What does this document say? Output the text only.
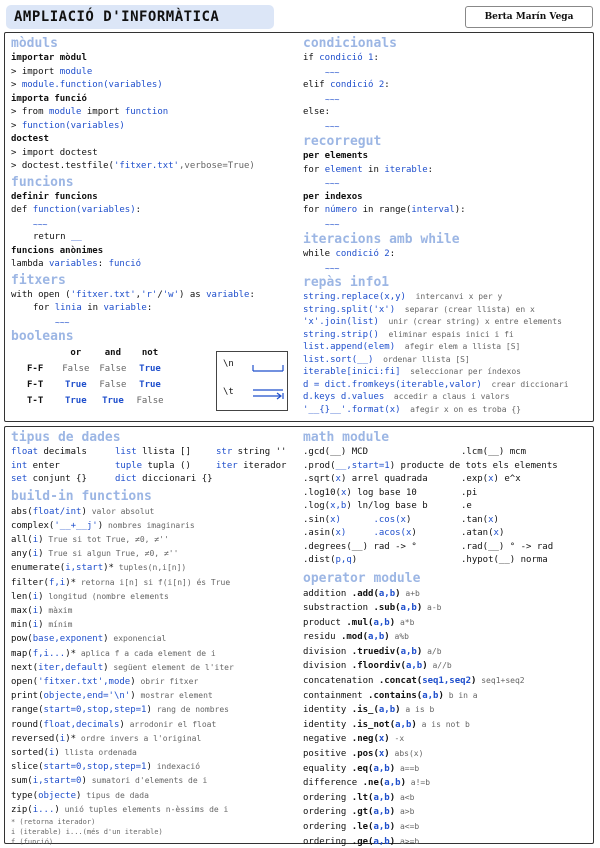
AMPLIACIÓ D'INFORMÀTICA	Berta Marín Vega
mòduls
importar mòdul
> import module
> module.function(variables)
importa funció
> from module import function
> function(variables)
doctest
> import doctest
> doctest.testfile('fitxer.txt',verbose=True)
funcions
definir funcions
def function(variables):
~~~
return __
funcions anònimes
lambda variables: funció
fitxers
with open ('fitxer.txt','r'/'w') as variable:
for linia in variable:
~~~
booleans
	or	and	not
F-F	False	False	True
F-T	True	False	True
T-T	True	True	False
\n
\t
condicionals
if condició 1:
~~~
elif condició 2:
~~~
else:
~~~
recorregut
per elements
for element in iterable:
~~~
per indexos
for número in range(interval):
~~~
iteracions amb while
while condició 2:
~~~
repàs info1
string.replace(x,y)  intercanvi x per y
string.split('x')  separar (crear llista) en x
'x'.join(list)  unir (crear string) x entre elements
string.strip()  eliminar espais inici i fi
list.append(elem)  afegir elem a llista [S]
list.sort(__)  ordenar llista [S]
iterable[inici:fi]  seleccionar per índexos
d = dict.fromkeys(iterable,valor)  crear diccionari
d.keys d.values  accedir a claus i valors
'__{}__'.format(x)  afegir x on es troba {}
tipus de dades
float decimals	list llista []	str string ''
int enter	tuple tupla ()	iter iterador
set conjunt {}	dict diccionari {}
build-in functions
abs(float/int) valor absolut
complex('__+__j') nombres imaginaris
all(i) True si tot True, ≠0, ≠''
any(i) True si algun True, ≠0, ≠''
enumerate(i,start)* tuples(n,i[n])
filter(f,i)* retorna i[n] si f(i[n]) és True
len(i) longitud (nombre elements
max(i) màxim
min(i) mínim
pow(base,exponent) exponencial
map(f,i...)* aplica f a cada element de i
next(iter,default) següent element de l'iter
open('fitxer.txt',mode) obrir fitxer
print(objecte,end='\n') mostrar element
range(start=0,stop,step=1) rang de nombres
round(float,decimals) arrodonir el float
reversed(i)* ordre invers a l'original
sorted(i) llista ordenada
slice(start=0,stop,step=1) indexació
sum(i,start=0) sumatori d'elements de i
type(objecte) tipus de dada
zip(i...) unió tuples elements n-èssims de i
* (retorna iterador)
i (iterable) i...(més d'un iterable)
f (funció)
math module
.gcd(__) MCD	.lcm(__) mcm
.prod(__,start=1) producte de tots els elements
.sqrt(x) arrel quadrada	.exp(x) e^x
.log10(x) log base 10	.pi
.log(x,b) ln/log base b	.e
.sin(x)      .cos(x)	.tan(x)
.asin(x)     .acos(x)	.atan(x)
.degrees(__) rad -> °	.rad(__) ° -> rad
.dist(p,q)	.hypot(__) norma
operator module
addition .add(a,b) a+b
substraction .sub(a,b) a-b
product .mul(a,b) a*b
residu .mod(a,b) a%b
division .truediv(a,b) a/b
division .floordiv(a,b) a//b
concatenation .concat(seq1,seq2) seq1+seq2
containment .contains(a,b) b in a
identity .is_(a,b) a is b
identity .is_not(a,b) a is not b
negative .neg(x) -x
positive .pos(x) abs(x)
equality .eq(a,b) a==b
difference .ne(a,b) a!=b
ordering .lt(a,b) a<b
ordering .gt(a,b) a>b
ordering .le(a,b) a<=b
ordering .ge(a,b) a>=b
